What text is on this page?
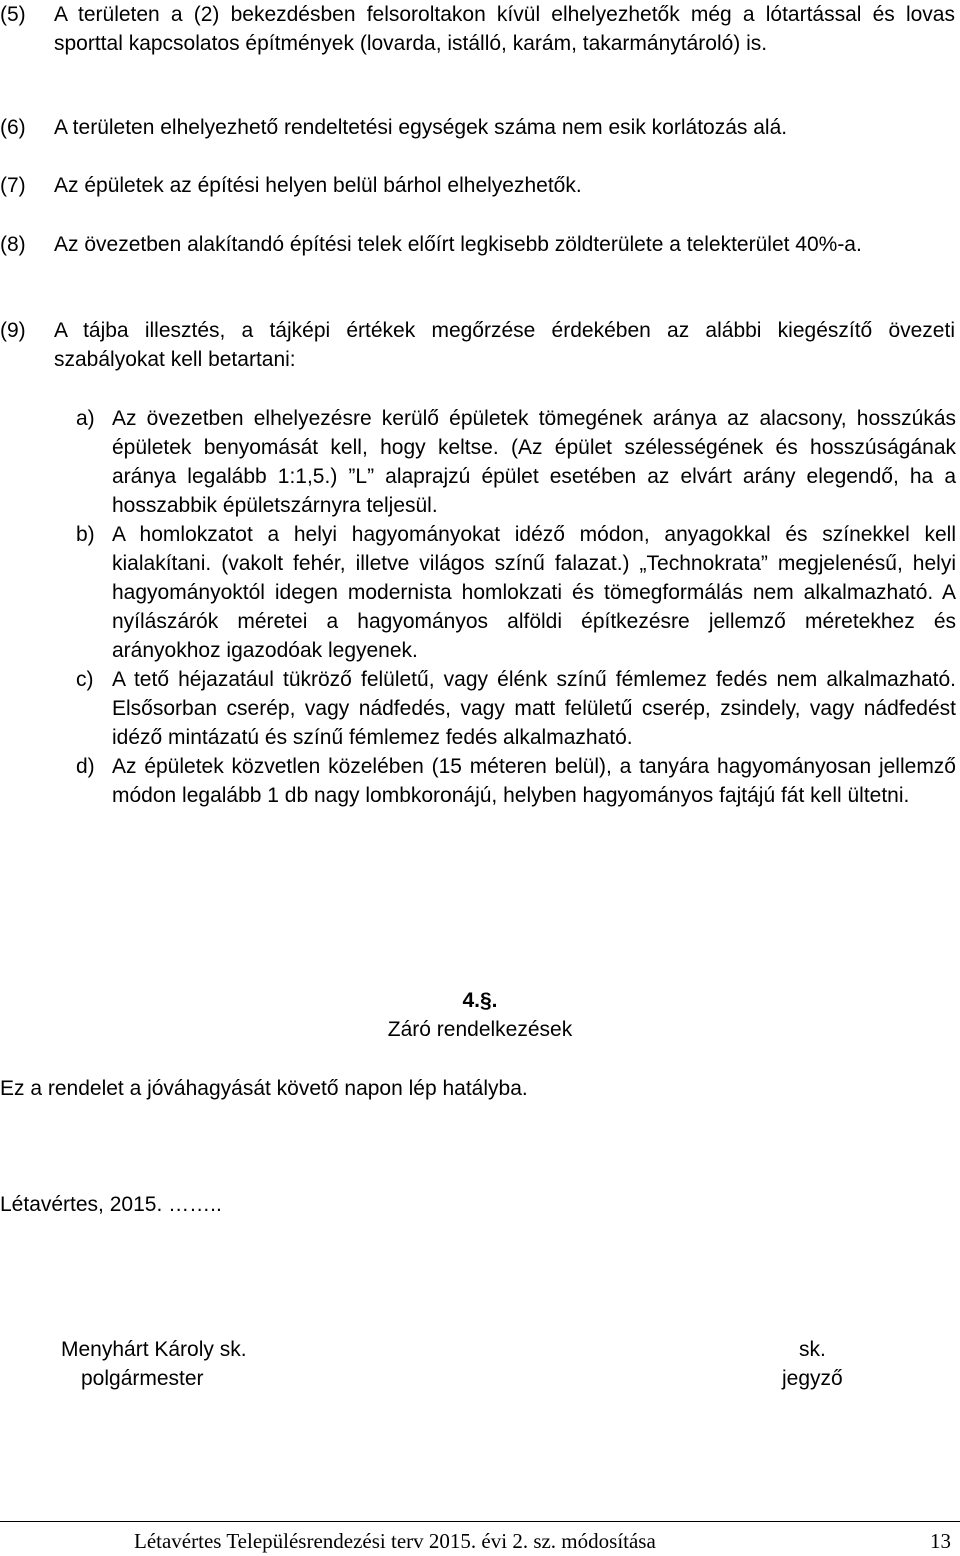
(5) A területen a (2) bekezdésben felsoroltakon kívül elhelyezhetők még a lótartással és lovas sporttal kapcsolatos építmények (lovarda, istálló, karám, takarmánytároló) is.
(6) A területen elhelyezhető rendeltetési egységek száma nem esik korlátozás alá.
(7) Az épületek az építési helyen belül bárhol elhelyezhetők.
(8) Az övezetben alakítandó építési telek előírt legkisebb zöldterülete a telekterület 40%-a.
(9) A tájba illesztés, a tájképi értékek megőrzése érdekében az alábbi kiegészítő övezeti szabályokat kell betartani:
a) Az övezetben elhelyezésre kerülő épületek tömegének aránya az alacsony, hosszúkás épületek benyomását kell, hogy keltse. (Az épület szélességének és hosszúságának aránya legalább 1:1,5.) ”L” alaprajzú épület esetében az elvárt arány elegendő, ha a hosszabbik épületszárnyra teljesül.
b) A homlokzatot a helyi hagyományokat idéző módon, anyagokkal és színekkel kell kialakítani. (vakolt fehér, illetve világos színű falazat.) „Technokrata” megjelenésű, helyi hagyományoktól idegen modernista homlokzati és tömegformálás nem alkalmazható. A nyílászárók méretei a hagyományos alföldi építkezésre jellemző méretekhez és arányokhoz igazodóak legyenek.
c) A tető héjazatául tükröző felületű, vagy élénk színű fémlemez fedés nem alkalmazható. Elsősorban cserép, vagy nádfedés, vagy matt felületű cserép, zsindely, vagy nádfedést idéző mintázatú és színű fémlemez fedés alkalmazható.
d) Az épületek közvetlen közelében (15 méteren belül), a tanyára hagyományosan jellemző módon legalább 1 db nagy lombkoronájú, helyben hagyományos fajtájú fát kell ültetni.
4.§.
Záró rendelkezések
Ez a rendelet a jóváhagyását követő napon lép hatályba.
Létavértes, 2015. ……..
Menyhárt Károly sk.
polgármester
sk.
jegyző
Létavértes Településrendezési terv 2015. évi 2. sz. módosítása	13
